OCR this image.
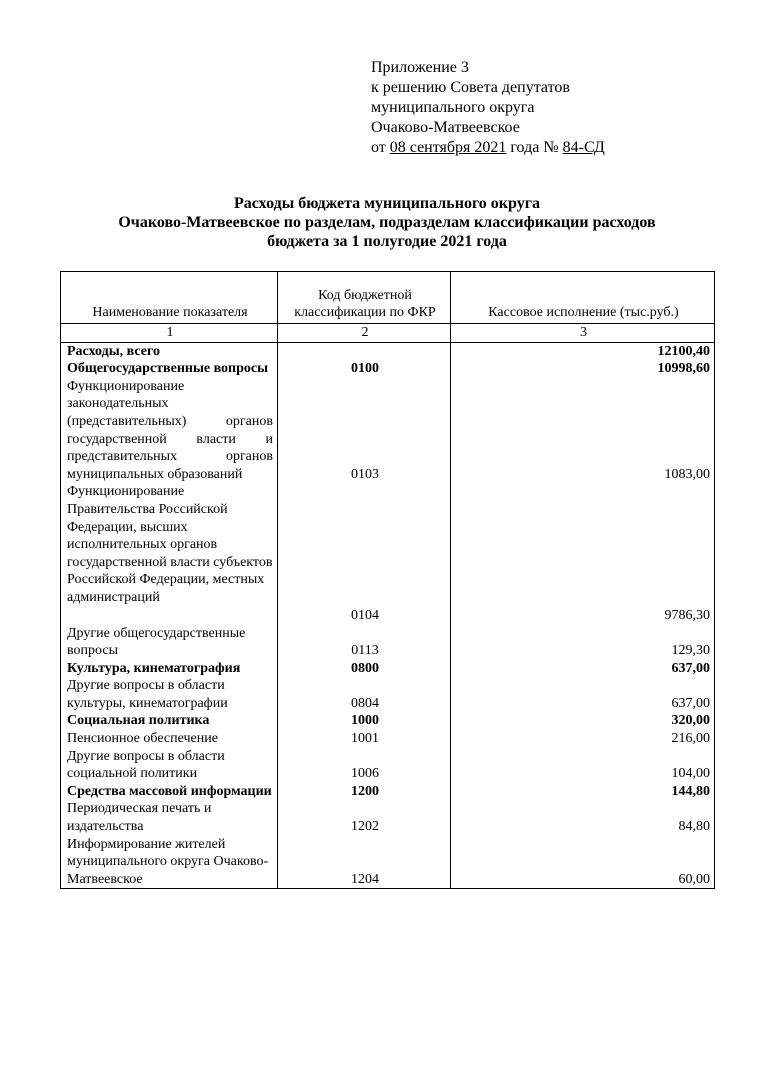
Приложение 3
к решению Совета депутатов
муниципального округа
Очаково-Матвеевское
от 08 сентября 2021 года № 84-СД
Расходы бюджета муниципального округа
Очаково-Матвеевское по разделам, подразделам классификации расходов
бюджета за 1 полугодие 2021 года
Наименование показателя	Код бюджетной классификации по ФКР	Кассовое исполнение (тыс.руб.)
1	2	3
Расходы, всего		12100,40
Общегосударственные вопросы	0100	10998,60
Функционирование законодательных (представительных) органов государственной власти и представительных органов муниципальных образований	0103	1083,00
Функционирование Правительства Российской Федерации, высших исполнительных органов государственной власти субъектов Российской Федерации, местных администраций	0104	9786,30
Другие общегосударственные вопросы	0113	129,30
Культура, кинематография	0800	637,00
Другие вопросы в области культуры, кинематографии	0804	637,00
Социальная политика	1000	320,00
Пенсионное обеспечение	1001	216,00
Другие вопросы в области социальной политики	1006	104,00
Средства массовой информации	1200	144,80
Периодическая печать и издательства	1202	84,80
Информирование жителей муниципального округа Очаково-Матвеевское	1204	60,00
